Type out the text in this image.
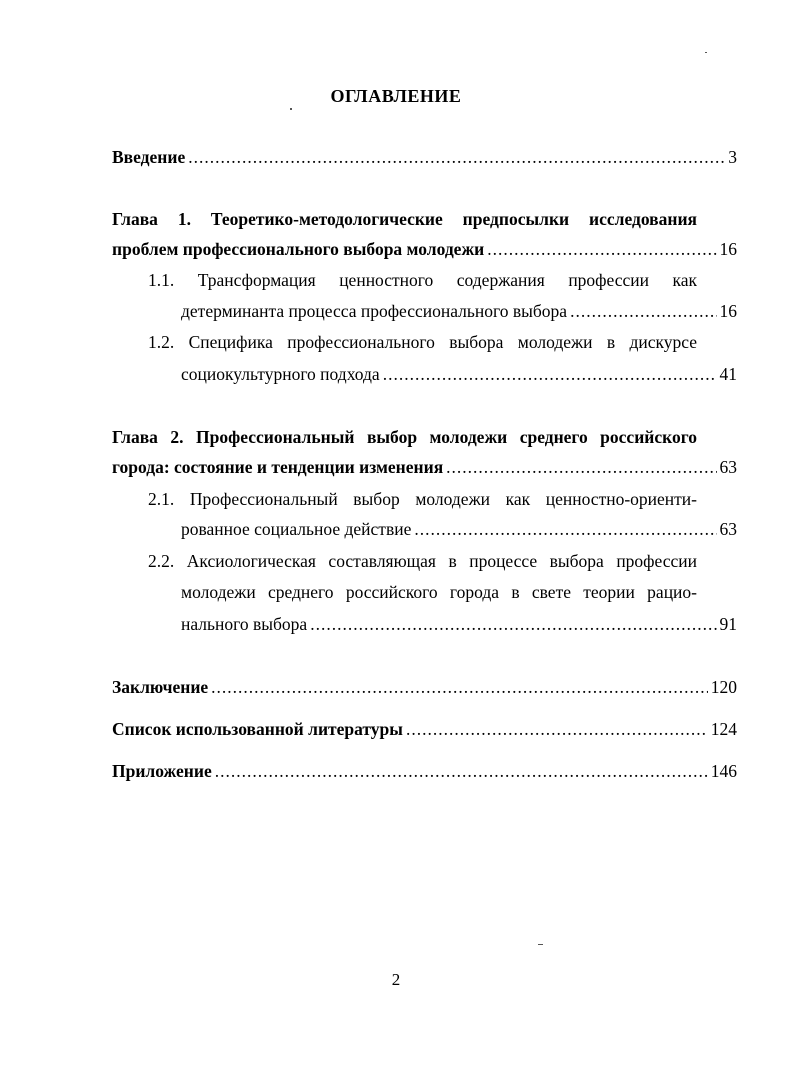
ОГЛАВЛЕНИЕ
Введение .....	3
Глава 1. Теоретико-методологические предпосылки исследования
проблем профессионального выбора молодежи .....	16
1.1. Трансформация ценностного содержания профессии как
детерминанта процесса профессионального выбора .....	16
1.2. Специфика профессионального выбора молодежи в дискурсе
социокультурного подхода .....	41
Глава 2. Профессиональный выбор молодежи среднего российского
города: состояние и тенденции изменения .....	63
2.1. Профессиональный выбор молодежи как ценностно-ориенти-
рованное социальное действие .....	63
2.2. Аксиологическая составляющая в процессе выбора профессии
молодежи среднего российского города в свете теории рацио-
нального выбора .....	91
Заключение .....	120
Список использованной литературы .....	124
Приложение .....	146
2
